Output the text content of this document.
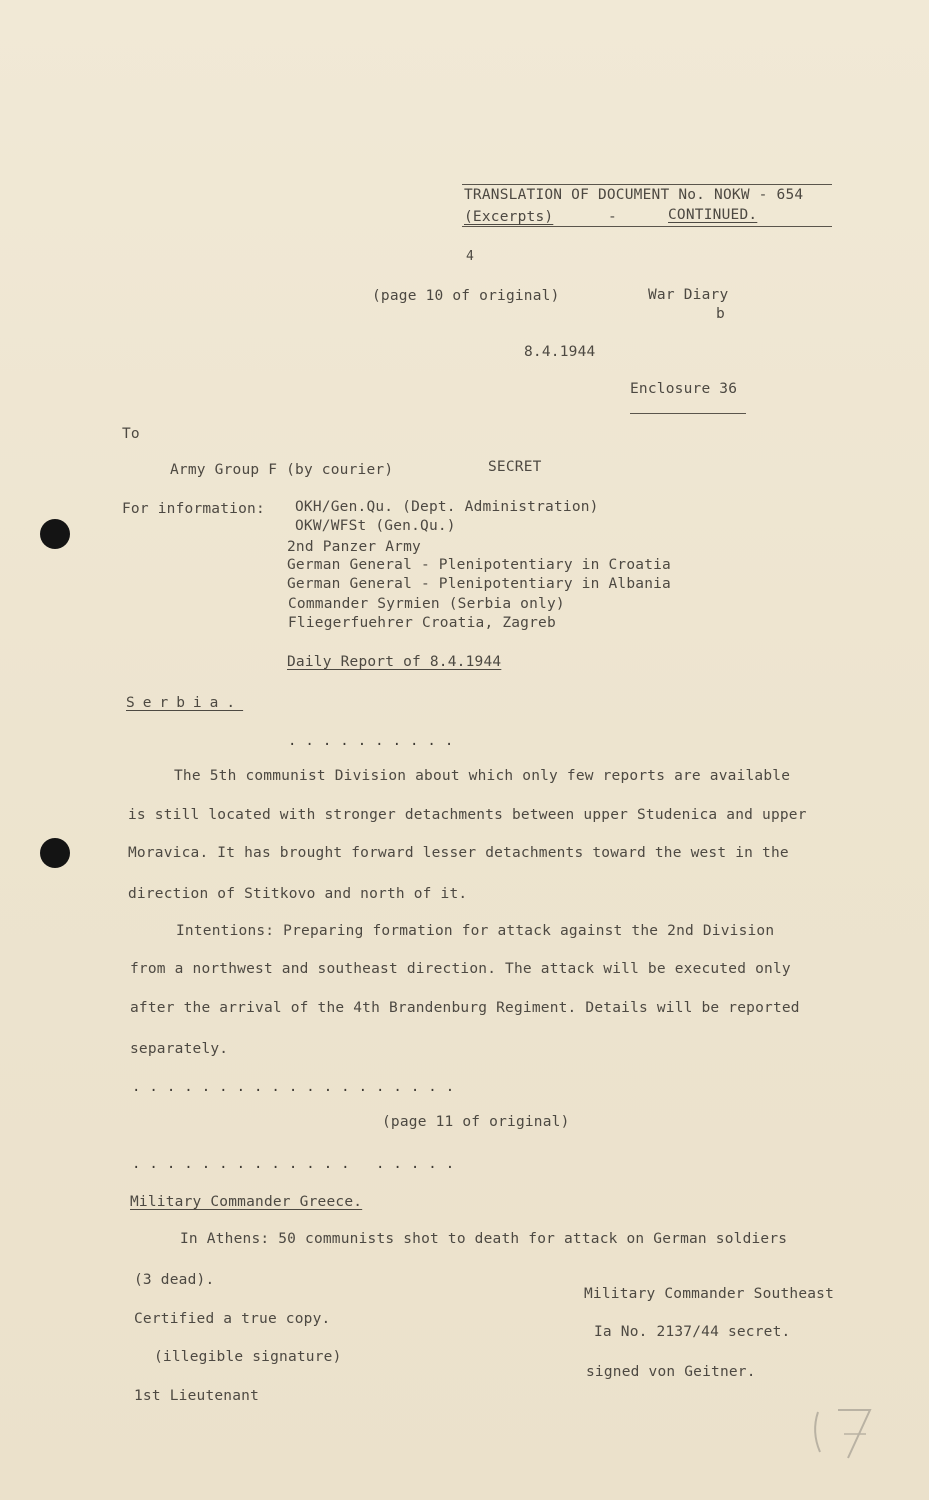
TRANSLATION OF DOCUMENT No. NOKW - 654
(Excerpts)	-	CONTINUED.
4
(page 10 of original)	War Diary
b
8.4.1944
Enclosure 36
To
Army Group F (by courier)	SECRET
For information: OKH/Gen.Qu. (Dept. Administration)
OKW/WFSt (Gen.Qu.)
2nd Panzer Army
German General - Plenipotentiary in Croatia
German General - Plenipotentiary in Albania
Commander Syrmien (Serbia only)
Fliegerfuehrer Croatia, Zagreb
Daily Report of 8.4.1944
Serbia.
..........
The 5th communist Division about which only few reports are available
is still located with stronger detachments between upper Studenica and upper
Moravica. It has brought forward lesser detachments toward the west in the
direction of Stitkovo and north of it.
Intentions: Preparing formation for attack against the 2nd Division
from a northwest and southeast direction. The attack will be executed only
after the arrival of the 4th Brandenburg Regiment. Details will be reported
separately.
...................
(page 11 of original)
............. .....
Military Commander Greece.
In Athens: 50 communists shot to death for attack on German soldiers
(3 dead).
Certified a true copy.
(illegible signature)
1st Lieutenant
Military Commander Southeast
Ia No. 2137/44 secret.
signed von Geitner.
